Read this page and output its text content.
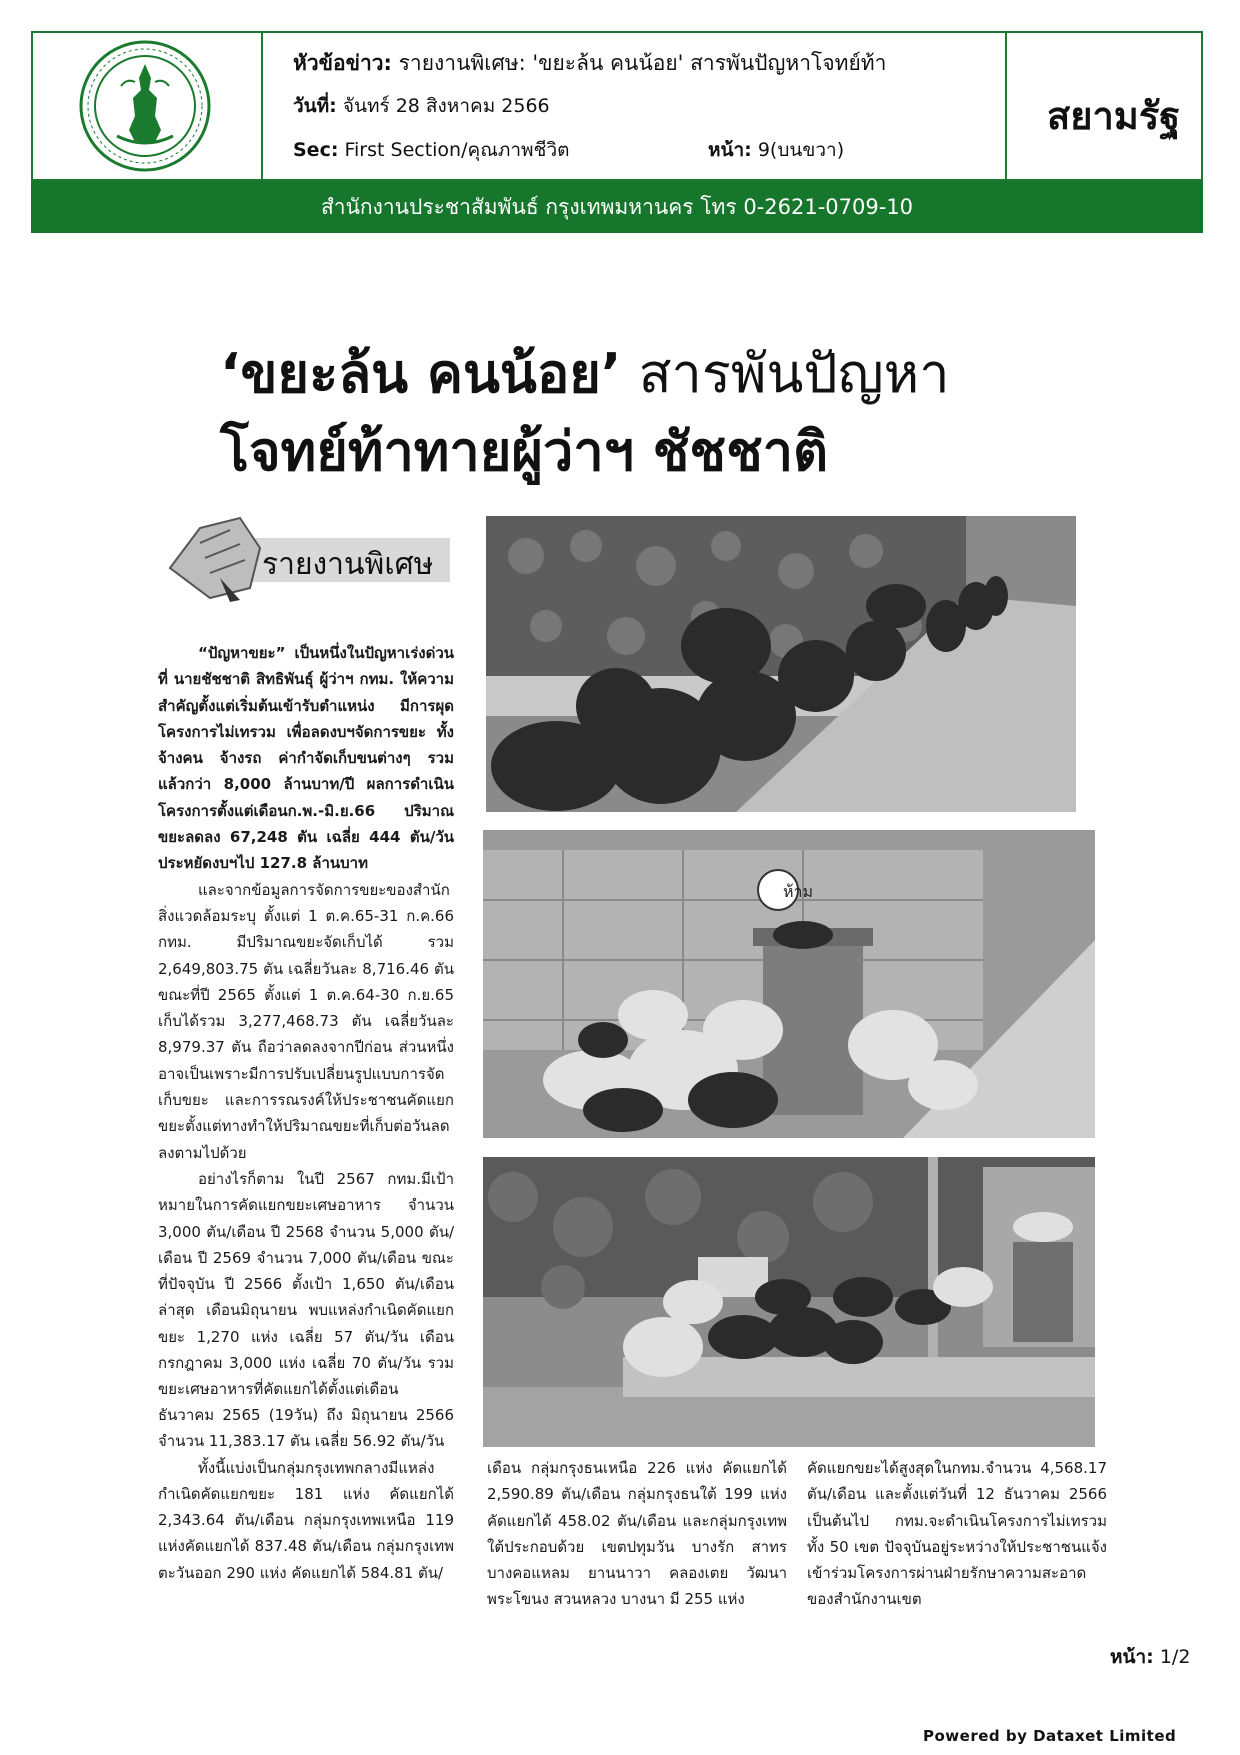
หัวข้อข่าว: รายงานพิเศษ: 'ขยะล้น คนน้อย' สารพันปัญหาโจทย์ท้า
วันที่: จันทร์ 28 สิงหาคม 2566
Sec: First Section/คุณภาพชีวิต	หน้า: 9(บนขวา)
สยามรัฐ
สำนักงานประชาสัมพันธ์ กรุงเทพมหานคร โทร 0-2621-0709-10
‘ขยะล้น คนน้อย’ สารพันปัญหา
โจทย์ท้าทายผู้ว่าฯ ชัชชาติ
รายงานพิเศษ

“ปัญหาขยะ” เป็นหนึ่งในปัญหาเร่งด่วนที่ นายชัชชาติ สิทธิพันธุ์ ผู้ว่าฯ กทม. ให้ความสำคัญตั้งแต่เริ่มต้นเข้ารับตำแหน่ง มีการผุดโครงการไม่เทรวม เพื่อลดงบฯจัดการขยะ ทั้งจ้างคน จ้างรถ ค่ากำจัดเก็บขนต่างๆ รวมแล้วกว่า 8,000 ล้านบาท/ปี ผลการดำเนินโครงการตั้งแต่เดือนก.พ.-มิ.ย.66 ปริมาณขยะลดลง 67,248 ตัน เฉลี่ย 444 ตัน/วัน ประหยัดงบฯไป 127.8 ล้านบาท

และจากข้อมูลการจัดการขยะของสำนักสิ่งแวดล้อมระบุ ตั้งแต่ 1 ต.ค.65-31 ก.ค.66 กทม. มีปริมาณขยะจัดเก็บได้ รวม 2,649,803.75 ตัน เฉลี่ยวันละ 8,716.46 ตัน ขณะที่ปี 2565 ตั้งแต่ 1 ต.ค.64-30 ก.ย.65 เก็บได้รวม 3,277,468.73 ตัน เฉลี่ยวันละ 8,979.37 ตัน ถือว่าลดลงจากปีก่อน ส่วนหนึ่งอาจเป็นเพราะมีการปรับเปลี่ยนรูปแบบการจัดเก็บขยะ และการรณรงค์ให้ประชาชนคัดแยกขยะตั้งแต่ทางทำให้ปริมาณขยะที่เก็บต่อวันลดลงตามไปด้วย

อย่างไรก็ตาม ในปี 2567 กทม.มีเป้าหมายในการคัดแยกขยะเศษอาหาร จำนวน 3,000 ตัน/เดือน ปี 2568 จำนวน 5,000 ตัน/เดือน ปี 2569 จำนวน 7,000 ตัน/เดือน ขณะที่ปัจจุบัน ปี 2566 ตั้งเป้า 1,650 ตัน/เดือน ล่าสุด เดือนมิถุนายน พบแหล่งกำเนิดคัดแยกขยะ 1,270 แห่ง เฉลี่ย 57 ตัน/วัน เดือนกรกฎาคม 3,000 แห่ง เฉลี่ย 70 ตัน/วัน รวมขยะเศษอาหารที่คัดแยกได้ตั้งแต่เดือน

ธันวาคม 2565 (19วัน) ถึง มิถุนายน 2566 จำนวน 11,383.17 ตัน เฉลี่ย 56.92 ตัน/วัน

ทั้งนี้แบ่งเป็นกลุ่มกรุงเทพกลางมีแหล่งกำเนิดคัดแยกขยะ 181 แห่ง คัดแยกได้ 2,343.64 ตัน/เดือน กลุ่มกรุงเทพเหนือ 119 แห่งคัดแยกได้ 837.48 ตัน/เดือน กลุ่มกรุงเทพตะวันออก 290 แห่ง คัดแยกได้ 584.81 ตัน/

ห้าม

เดือน กลุ่มกรุงธนเหนือ 226 แห่ง คัดแยกได้ 2,590.89 ตัน/เดือน กลุ่มกรุงธนใต้ 199 แห่ง คัดแยกได้ 458.02 ตัน/เดือน และกลุ่มกรุงเทพใต้ประกอบด้วย เขตปทุมวัน บางรัก สาทร บางคอแหลม ยานนาวา คลองเตย วัฒนา พระโขนง สวนหลวง บางนา มี 255 แห่ง

คัดแยกขยะได้สูงสุดในกทม.จำนวน 4,568.17 ตัน/เดือน และตั้งแต่วันที่ 12 ธันวาคม 2566 เป็นต้นไป กทม.จะดำเนินโครงการไม่เทรวม ทั้ง 50 เขต ปัจจุบันอยู่ระหว่างให้ประชาชนแจ้งเข้าร่วมโครงการผ่านฝ่ายรักษาความสะอาดของสำนักงานเขต

หน้า: 1/2
Powered by Dataxet Limited
